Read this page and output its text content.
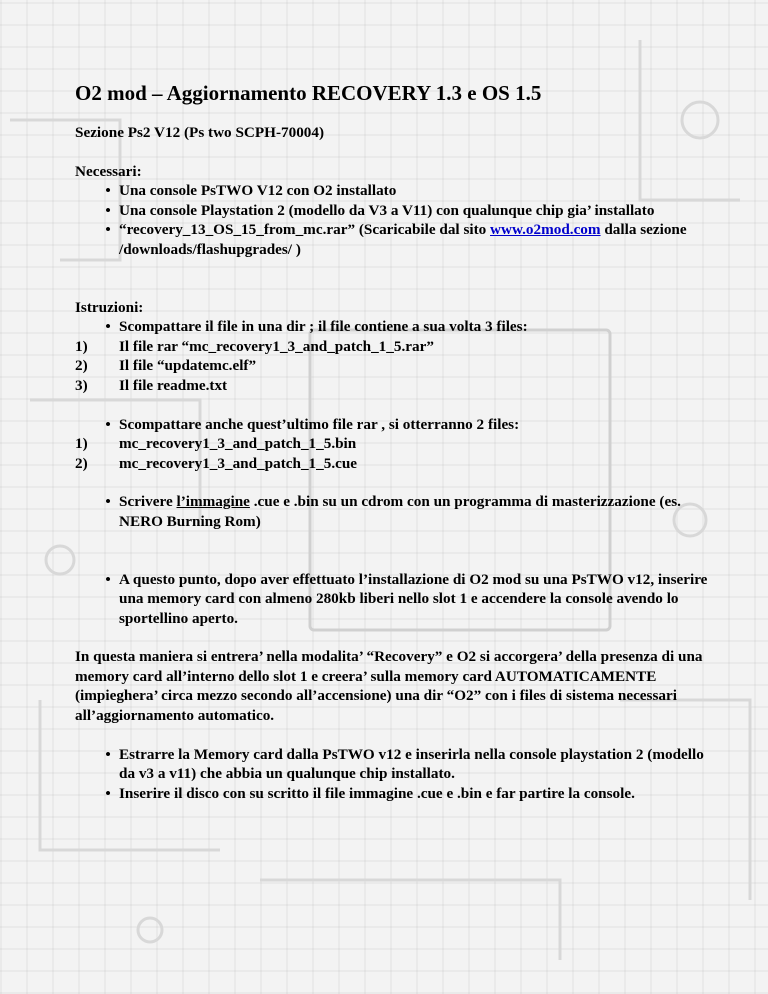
O2 mod – Aggiornamento RECOVERY 1.3 e OS 1.5

Sezione Ps2 V12 (Ps two SCPH-70004)

Necessari:

• Una console PsTWO V12 con O2 installato
• Una console Playstation 2 (modello da V3 a V11) con qualunque chip gia’ installato
• “recovery_13_OS_15_from_mc.rar” (Scaricabile dal sito www.o2mod.com dalla sezione /downloads/flashupgrades/ )

Istruzioni:

• Scompattare il file in una dir ; il file contiene a sua volta 3 files:
1)	Il file rar “mc_recovery1_3_and_patch_1_5.rar”
2)	Il file “updatemc.elf”
3)	Il file readme.txt
• Scompattare anche quest’ultimo file rar , si otterranno 2 files:
1)	mc_recovery1_3_and_patch_1_5.bin
2)	mc_recovery1_3_and_patch_1_5.cue
• Scrivere l’immagine .cue e .bin su un cdrom con un programma di masterizzazione (es. NERO Burning Rom)
• A questo punto, dopo aver effettuato l’installazione di O2 mod su una PsTWO v12, inserire una memory card con almeno 280kb liberi nello slot 1 e accendere la console avendo lo sportellino aperto.

In questa maniera si entrera’ nella modalita’ “Recovery” e O2 si accorgera’ della presenza di una memory card all’interno dello slot 1 e creera’ sulla memory card AUTOMATICAMENTE (impieghera’ circa mezzo secondo all’accensione) una dir “O2” con i files di sistema necessari all’aggiornamento automatico.

• Estrarre la Memory card dalla PsTWO v12 e inserirla nella console playstation 2 (modello da v3 a v11) che abbia un qualunque chip installato.
• Inserire il disco con su scritto il file immagine .cue e .bin e far partire la console.
